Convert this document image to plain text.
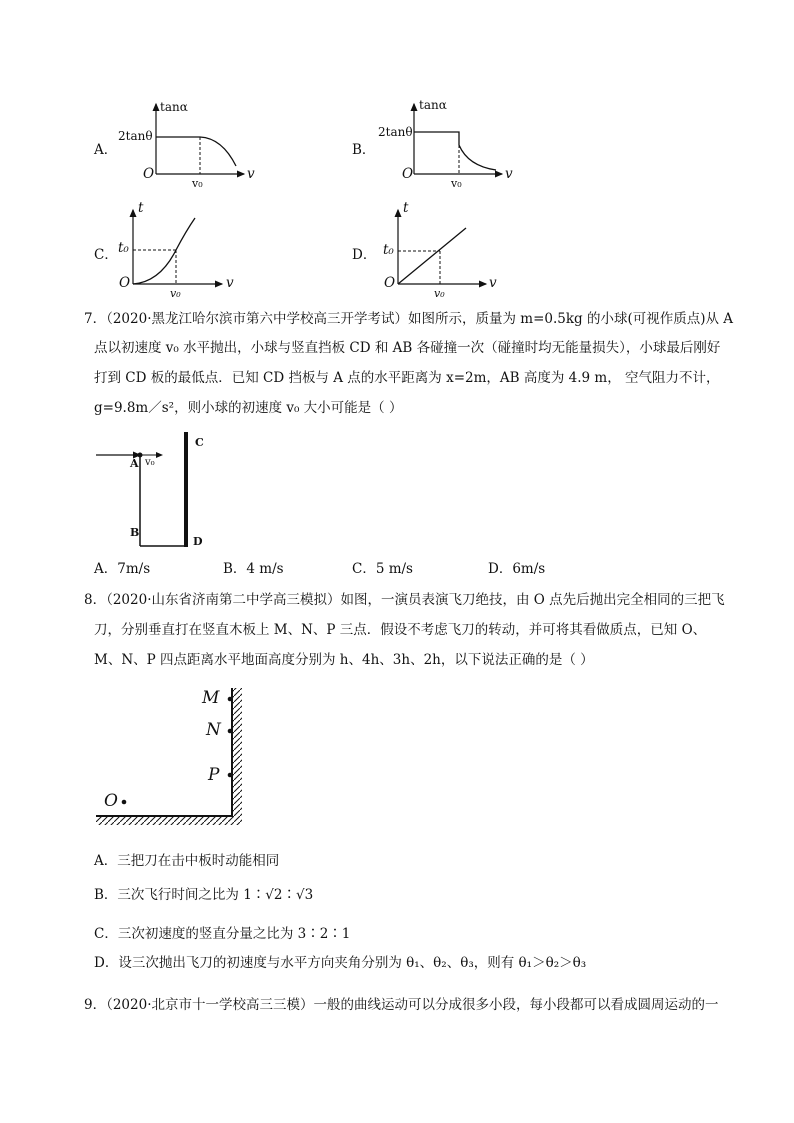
A．
tanα
2tanθ
O
v₀
v
B．
tanα
2tanθ
O
v₀
v
C．
t
t₀
O
v₀
v
D．
t
t₀
O
v₀
v
7．（2020·黑龙江哈尔滨市第六中学校高三开学考试）如图所示，质量为 m=0.5kg 的小球(可视作质点)从 A
点以初速度 v₀ 水平抛出，小球与竖直挡板 CD 和 AB 各碰撞一次（碰撞时均无能量损失），小球最后刚好
打到 CD 板的最低点．已知 CD 挡板与 A 点的水平距离为 x=2m，AB 高度为 4.9 m， 空气阻力不计，
g=9.8m／s²，则小球的初速度 v₀ 大小可能是（ ）
A v₀
B
C
D
A．7m/s	B．4 m/s	C．5 m/s	D．6m/s
8．（2020·山东省济南第二中学高三模拟）如图，一演员表演飞刀绝技，由 O 点先后抛出完全相同的三把飞
刀，分别垂直打在竖直木板上 M、N、P 三点．假设不考虑飞刀的转动，并可将其看做质点，已知 O、
M、N、P 四点距离水平地面高度分别为 h、4h、3h、2h，以下说法正确的是（ ）
M
N
P
O
A．三把刀在击中板时动能相同
B．三次飞行时间之比为 1∶√2∶√3
C．三次初速度的竖直分量之比为 3∶2∶1
D．设三次抛出飞刀的初速度与水平方向夹角分别为 θ₁、θ₂、θ₃，则有 θ₁＞θ₂＞θ₃
9．（2020·北京市十一学校高三三模）一般的曲线运动可以分成很多小段，每小段都可以看成圆周运动的一
